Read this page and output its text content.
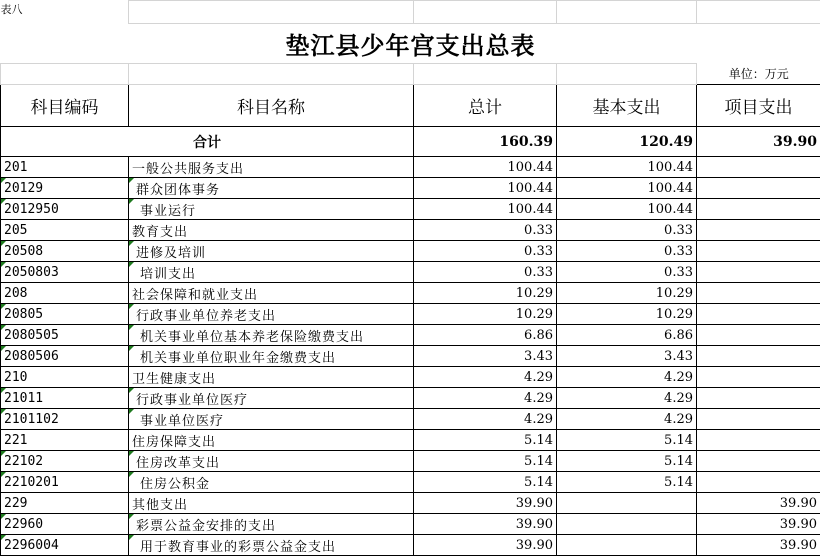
表八				
垫江县少年宫支出总表				
				单位：万元
科目编码	科目名称	总计	基本支出	项目支出
合计		160.39	120.49	39.90
201	一般公共服务支出	100.44	100.44	
20129	群众团体事务	100.44	100.44	
2012950	事业运行	100.44	100.44	
205	教育支出	0.33	0.33	
20508	进修及培训	0.33	0.33	
2050803	培训支出	0.33	0.33	
208	社会保障和就业支出	10.29	10.29	
20805	行政事业单位养老支出	10.29	10.29	
2080505	机关事业单位基本养老保险缴费支出	6.86	6.86	
2080506	机关事业单位职业年金缴费支出	3.43	3.43	
210	卫生健康支出	4.29	4.29	
21011	行政事业单位医疗	4.29	4.29	
2101102	事业单位医疗	4.29	4.29	
221	住房保障支出	5.14	5.14	
22102	住房改革支出	5.14	5.14	
2210201	住房公积金	5.14	5.14	
229	其他支出	39.90		39.90
22960	彩票公益金安排的支出	39.90		39.90
2296004	用于教育事业的彩票公益金支出	39.90		39.90
